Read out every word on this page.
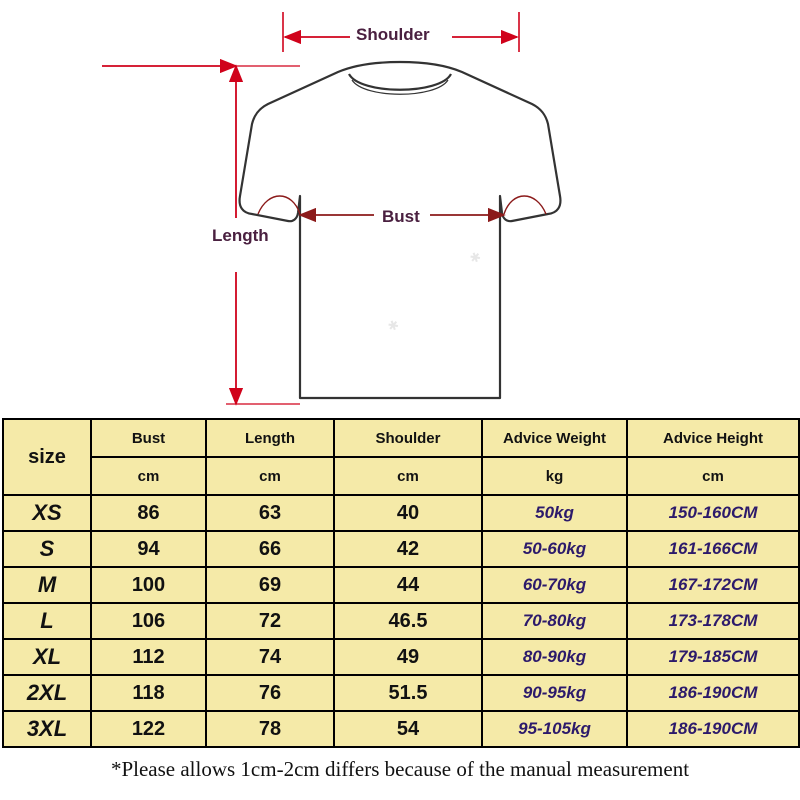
Shoulder
Bust
Length
✱
✱
size	Bust	Length	Shoulder	Advice Weight	Advice Height
	cm	cm	cm	kg	cm
XS	86	63	40	50kg	150-160CM
S	94	66	42	50-60kg	161-166CM
M	100	69	44	60-70kg	167-172CM
L	106	72	46.5	70-80kg	173-178CM
XL	112	74	49	80-90kg	179-185CM
2XL	118	76	51.5	90-95kg	186-190CM
3XL	122	78	54	95-105kg	186-190CM
*Please allows 1cm-2cm differs because of the manual measurement
